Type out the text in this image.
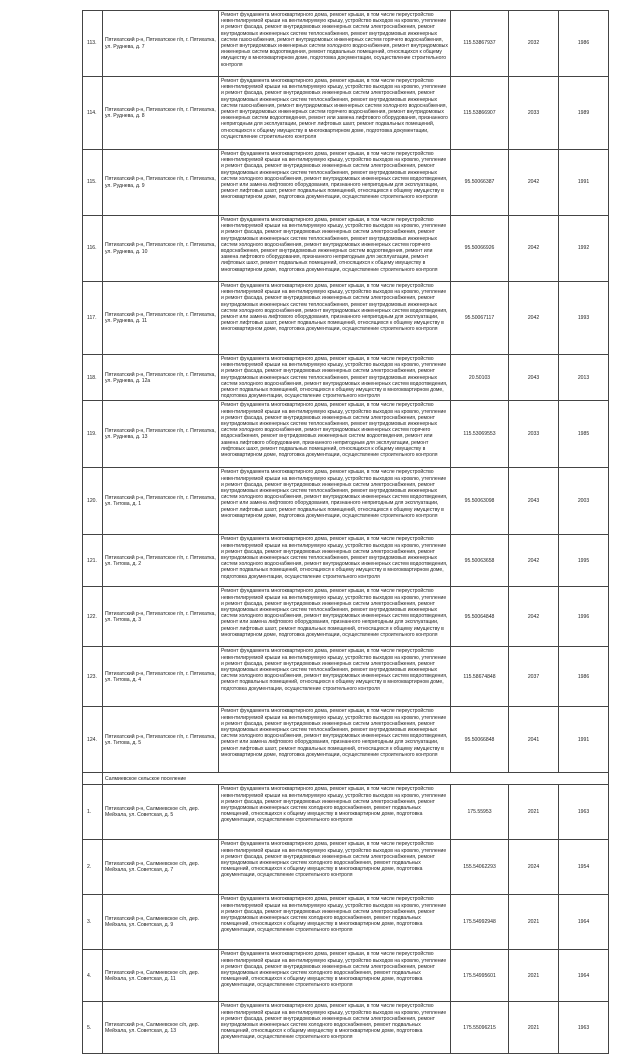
113.	Пятихатский р-н, Пятихатское г/п, г. Пятихатка, ул. Руднева, д. 7	Ремонт фундамента многоквартирного дома, ремонт крыши, в том числе переустройство невентилируемой крыши на вентилируемую крышу, устройство выходов на кровлю, утепление и ремонт фасада, ремонт внутридомовых инженерных систем электроснабжения, ремонт внутридомовых инженерных систем теплоснабжения, ремонт внутридомовых инженерных систем газоснабжения, ремонт внутридомовых инженерных систем горячего водоснабжения, ремонт внутридомовых инженерных систем холодного водоснабжения, ремонт внутридомовых инженерных систем водоотведения, ремонт подвальных помещений, относящихся к общему имуществу в многоквартирном доме, подготовка документации, осуществление строительного контроля	115.53867937	2032	1986
114.	Пятихатский р-н, Пятихатское г/п, г. Пятихатка, ул. Руднева, д. 8	Ремонт фундамента многоквартирного дома, ремонт крыши, в том числе переустройство невентилируемой крыши на вентилируемую крышу, устройство выходов на кровлю, утепление и ремонт фасада, ремонт внутридомовых инженерных систем электроснабжения, ремонт внутридомовых инженерных систем теплоснабжения, ремонт внутридомовых инженерных систем газоснабжения, ремонт внутридомовых инженерных систем холодного водоснабжения, ремонт внутридомовых инженерных систем горячего водоснабжения, ремонт внутридомовых инженерных систем водоотведения, ремонт или замена лифтового оборудования, признанного непригодным для эксплуатации, ремонт лифтовых шахт, ремонт подвальных помещений, относящихся к общему имуществу в многоквартирном доме, подготовка документации, осуществление строительного контроля	115.53866907	2033	1989
115.	Пятихатский р-н, Пятихатское г/п, г. Пятихатка, ул. Руднева, д. 9	Ремонт фундамента многоквартирного дома, ремонт крыши, в том числе переустройство невентилируемой крыши на вентилируемую крышу, устройство выходов на кровлю, утепление и ремонт фасада, ремонт внутридомовых инженерных систем электроснабжения, ремонт внутридомовых инженерных систем теплоснабжения, ремонт внутридомовых инженерных систем холодного водоснабжения, ремонт внутридомовых инженерных систем водоотведения, ремонт или замена лифтового оборудования, признанного непригодным для эксплуатации, ремонт лифтовых шахт, ремонт подвальных помещений, относящихся к общему имуществу в многоквартирном доме, подготовка документации, осуществление строительного контроля	95.50066387	2042	1991
116.	Пятихатский р-н, Пятихатское г/п, г. Пятихатка, ул. Руднева, д. 10	Ремонт фундамента многоквартирного дома, ремонт крыши, в том числе переустройство невентилируемой крыши на вентилируемую крышу, устройство выходов на кровлю, утепление и ремонт фасада, ремонт внутридомовых инженерных систем электроснабжения, ремонт внутридомовых инженерных систем теплоснабжения, ремонт внутридомовых инженерных систем холодного водоснабжения, ремонт внутридомовых инженерных систем горячего водоснабжения, ремонт внутридомовых инженерных систем водоотведения, ремонт или замена лифтового оборудования, признанного непригодным для эксплуатации, ремонт лифтовых шахт, ремонт подвальных помещений, относящихся к общему имуществу в многоквартирном доме, подготовка документации, осуществление строительного контроля	95.50066926	2042	1992
117.	Пятихатский р-н, Пятихатское г/п, г. Пятихатка, ул. Руднева, д. 11	Ремонт фундамента многоквартирного дома, ремонт крыши, в том числе переустройство невентилируемой крыши на вентилируемую крышу, устройство выходов на кровлю, утепление и ремонт фасада, ремонт внутридомовых инженерных систем электроснабжения, ремонт внутридомовых инженерных систем теплоснабжения, ремонт внутридомовых инженерных систем холодного водоснабжения, ремонт внутридомовых инженерных систем водоотведения, ремонт или замена лифтового оборудования, признанного непригодным для эксплуатации, ремонт лифтовых шахт, ремонт подвальных помещений, относящихся к общему имуществу в многоквартирном доме, подготовка документации, осуществление строительного контроля	95.50067117	2042	1993
118.	Пятихатский р-н, Пятихатское г/п, г. Пятихатка, ул. Руднева, д. 12а	Ремонт фундамента многоквартирного дома, ремонт крыши, в том числе переустройство невентилируемой крыши на вентилируемую крышу, устройство выходов на кровлю, утепление и ремонт фасада, ремонт внутридомовых инженерных систем электроснабжения, ремонт внутридомовых инженерных систем теплоснабжения, ремонт внутридомовых инженерных систем холодного водоснабжения, ремонт внутридомовых инженерных систем водоотведения, ремонт подвальных помещений, относящихся к общему имуществу в многоквартирном доме, подготовка документации, осуществление строительного контроля	20.50103	2043	2013
119.	Пятихатский р-н, Пятихатское г/п, г. Пятихатка, ул. Руднева, д. 13	Ремонт фундамента многоквартирного дома, ремонт крыши, в том числе переустройство невентилируемой крыши на вентилируемую крышу, устройство выходов на кровлю, утепление и ремонт фасада, ремонт внутридомовых инженерных систем электроснабжения, ремонт внутридомовых инженерных систем теплоснабжения, ремонт внутридомовых инженерных систем холодного водоснабжения, ремонт внутридомовых инженерных систем горячего водоснабжения, ремонт внутридомовых инженерных систем водоотведения, ремонт или замена лифтового оборудования, признанного непригодным для эксплуатации, ремонт лифтовых шахт, ремонт подвальных помещений, относящихся к общему имуществу в многоквартирном доме, подготовка документации, осуществление строительного контроля	115.53069553	2033	1985
120.	Пятихатский р-н, Пятихатское г/п, г. Пятихатка, ул. Титова, д. 1	Ремонт фундамента многоквартирного дома, ремонт крыши, в том числе переустройство невентилируемой крыши на вентилируемую крышу, устройство выходов на кровлю, утепление и ремонт фасада, ремонт внутридомовых инженерных систем электроснабжения, ремонт внутридомовых инженерных систем теплоснабжения, ремонт внутридомовых инженерных систем холодного водоснабжения, ремонт внутридомовых инженерных систем водоотведения, ремонт или замена лифтового оборудования, признанного непригодным для эксплуатации, ремонт лифтовых шахт, ремонт подвальных помещений, относящихся к общему имуществу в многоквартирном доме, подготовка документации, осуществление строительного контроля	95.50063098	2043	2003
121.	Пятихатский р-н, Пятихатское г/п, г. Пятихатка, ул. Титова, д. 2	Ремонт фундамента многоквартирного дома, ремонт крыши, в том числе переустройство невентилируемой крыши на вентилируемую крышу, устройство выходов на кровлю, утепление и ремонт фасада, ремонт внутридомовых инженерных систем электроснабжения, ремонт внутридомовых инженерных систем теплоснабжения, ремонт внутридомовых инженерных систем холодного водоснабжения, ремонт внутридомовых инженерных систем водоотведения, ремонт подвальных помещений, относящихся к общему имуществу в многоквартирном доме, подготовка документации, осуществление строительного контроля	95.50063658	2042	1995
122.	Пятихатский р-н, Пятихатское г/п, г. Пятихатка, ул. Титова, д. 3	Ремонт фундамента многоквартирного дома, ремонт крыши, в том числе переустройство невентилируемой крыши на вентилируемую крышу, устройство выходов на кровлю, утепление и ремонт фасада, ремонт внутридомовых инженерных систем электроснабжения, ремонт внутридомовых инженерных систем теплоснабжения, ремонт внутридомовых инженерных систем холодного водоснабжения, ремонт внутридомовых инженерных систем водоотведения, ремонт или замена лифтового оборудования, признанного непригодным для эксплуатации, ремонт лифтовых шахт, ремонт подвальных помещений, относящихся к общему имуществу в многоквартирном доме, подготовка документации, осуществление строительного контроля	95.50064848	2042	1996
123.	Пятихатский р-н, Пятихатское г/п, г. Пятихатка, ул. Титова, д. 4	Ремонт фундамента многоквартирного дома, ремонт крыши, в том числе переустройство невентилируемой крыши на вентилируемую крышу, устройство выходов на кровлю, утепление и ремонт фасада, ремонт внутридомовых инженерных систем электроснабжения, ремонт внутридомовых инженерных систем теплоснабжения, ремонт внутридомовых инженерных систем холодного водоснабжения, ремонт внутридомовых инженерных систем водоотведения, ремонт подвальных помещений, относящихся к общему имуществу в многоквартирном доме, подготовка документации, осуществление строительного контроля	115.58674848	2037	1986
124.	Пятихатский р-н, Пятихатское г/п, г. Пятихатка, ул. Титова, д. 5	Ремонт фундамента многоквартирного дома, ремонт крыши, в том числе переустройство невентилируемой крыши на вентилируемую крышу, устройство выходов на кровлю, утепление и ремонт фасада, ремонт внутридомовых инженерных систем электроснабжения, ремонт внутридомовых инженерных систем теплоснабжения, ремонт внутридомовых инженерных систем холодного водоснабжения, ремонт внутридомовых инженерных систем водоотведения, ремонт или замена лифтового оборудования, признанного непригодным для эксплуатации, ремонт лифтовых шахт, ремонт подвальных помещений, относящихся к общему имуществу в многоквартирном доме, подготовка документации, осуществление строительного контроля	95.50066848	2041	1991
	Салмиевское сельское поселение				
1.	Пятихатский р-н, Салмиевское с/п, дер. Мейхала, ул. Советская, д. 5	Ремонт фундамента многоквартирного дома, ремонт крыши, в том числе переустройство невентилируемой крыши на вентилируемую крышу, устройство выходов на кровлю, утепление и ремонт фасада, ремонт внутридомовых инженерных систем электроснабжения, ремонт внутридомовых инженерных систем холодного водоснабжения, ремонт подвальных помещений, относящихся к общему имуществу в многоквартирном доме, подготовка документации, осуществление строительного контроля	175.55953	2021	1963
2.	Пятихатский р-н, Салмиевское с/п, дер. Мейхала, ул. Советская, д. 7	Ремонт фундамента многоквартирного дома, ремонт крыши, в том числе переустройство невентилируемой крыши на вентилируемую крышу, устройство выходов на кровлю, утепление и ремонт фасада, ремонт внутридомовых инженерных систем электроснабжения, ремонт внутридомовых инженерных систем холодного водоснабжения, ремонт подвальных помещений, относящихся к общему имуществу в многоквартирном доме, подготовка документации, осуществление строительного контроля	155.54062293	2024	1954
3.	Пятихатский р-н, Салмиевское с/п, дер. Мейхала, ул. Советская, д. 9	Ремонт фундамента многоквартирного дома, ремонт крыши, в том числе переустройство невентилируемой крыши на вентилируемую крышу, устройство выходов на кровлю, утепление и ремонт фасада, ремонт внутридомовых инженерных систем электроснабжения, ремонт внутридомовых инженерных систем холодного водоснабжения, ремонт подвальных помещений, относящихся к общему имуществу в многоквартирном доме, подготовка документации, осуществление строительного контроля	175.54992948	2021	1964
4.	Пятихатский р-н, Салмиевское с/п, дер. Мейхала, ул. Советская, д. 11	Ремонт фундамента многоквартирного дома, ремонт крыши, в том числе переустройство невентилируемой крыши на вентилируемую крышу, устройство выходов на кровлю, утепление и ремонт фасада, ремонт внутридомовых инженерных систем электроснабжения, ремонт внутридомовых инженерных систем холодного водоснабжения, ремонт подвальных помещений, относящихся к общему имуществу в многоквартирном доме, подготовка документации, осуществление строительного контроля	175.54995601	2021	1964
5.	Пятихатский р-н, Салмиевское с/п, дер. Мейхала, ул. Советская, д. 13	Ремонт фундамента многоквартирного дома, ремонт крыши, в том числе переустройство невентилируемой крыши на вентилируемую крышу, устройство выходов на кровлю, утепление и ремонт фасада, ремонт внутридомовых инженерных систем электроснабжения, ремонт внутридомовых инженерных систем холодного водоснабжения, ремонт подвальных помещений, относящихся к общему имуществу в многоквартирном доме, подготовка документации, осуществление строительного контроля	175.55096215	2021	1963
